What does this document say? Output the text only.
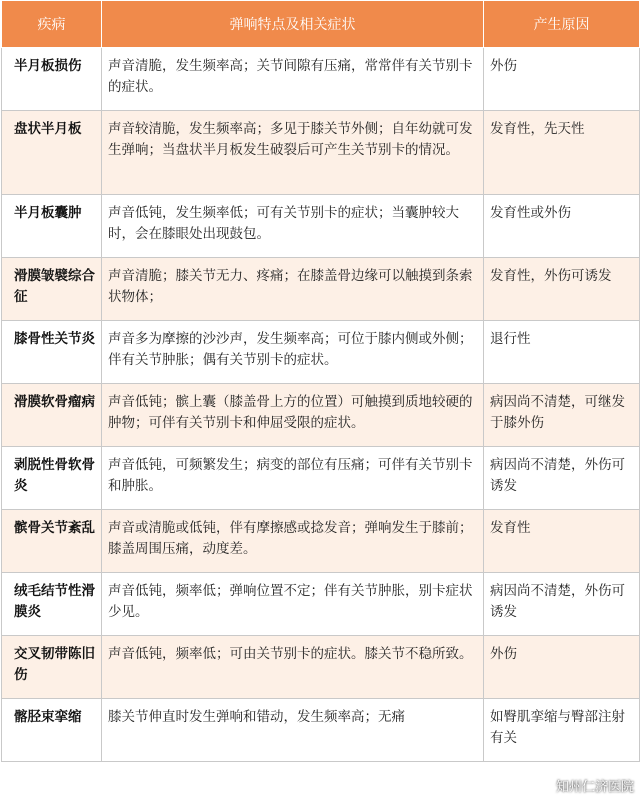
疾病	弹响特点及相关症状	产生原因
半月板损伤	声音清脆，发生频率高；关节间隙有压痛，常常伴有关节别卡的症状。	外伤
盘状半月板	声音较清脆，发生频率高；多见于膝关节外侧；自年幼就可发生弹响；当盘状半月板发生破裂后可产生关节别卡的情况。	发育性，先天性
半月板囊肿	声音低钝，发生频率低；可有关节别卡的症状；当囊肿较大时，会在膝眼处出现鼓包。	发育性或外伤
滑膜皱襞综合征	声音清脆；膝关节无力、疼痛；在膝盖骨边缘可以触摸到条索状物体；	发育性，外伤可诱发
膝骨性关节炎	声音多为摩擦的沙沙声，发生频率高；可位于膝内侧或外侧；伴有关节肿胀；偶有关节别卡的症状。	退行性
滑膜软骨瘤病	声音低钝；髌上囊（膝盖骨上方的位置）可触摸到质地较硬的肿物；可伴有关节别卡和伸屈受限的症状。	病因尚不清楚，可继发于膝外伤
剥脱性骨软骨炎	声音低钝，可频繁发生；病变的部位有压痛；可伴有关节别卡和肿胀。	病因尚不清楚，外伤可诱发
髌骨关节紊乱	声音或清脆或低钝，伴有摩擦感或捻发音；弹响发生于膝前；膝盖周围压痛，动度差。	发育性
绒毛结节性滑膜炎	声音低钝，频率低；弹响位置不定；伴有关节肿胀，别卡症状少见。	病因尚不清楚，外伤可诱发
交叉韧带陈旧伤	声音低钝，频率低；可由关节别卡的症状。膝关节不稳所致。	外伤
髂胫束挛缩	膝关节伸直时发生弹响和错动，发生频率高；无痛	如臀肌挛缩与臀部注射有关
知州仁济医院
